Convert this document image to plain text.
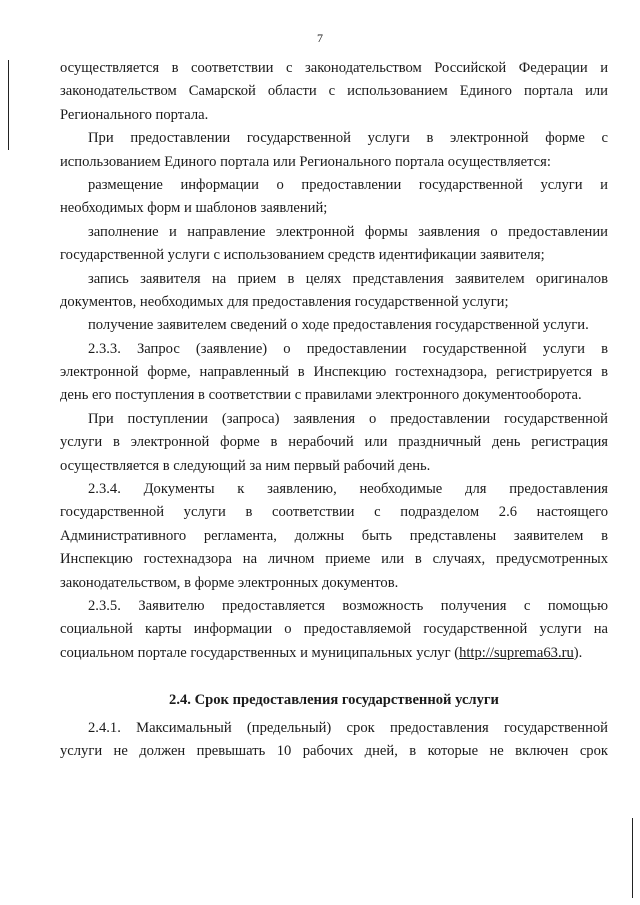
7
осуществляется в соответствии с законодательством Российской Федерации и
законодательством Самарской области с использованием Единого портала или
Регионального портала.
При предоставлении государственной услуги в электронной форме с
использованием Единого портала или Регионального портала осуществляется:
размещение информации о предоставлении государственной услуги и
необходимых форм и шаблонов заявлений;
заполнение и направление электронной формы заявления о предоставлении
государственной услуги с использованием средств идентификации заявителя;
запись заявителя на прием в целях представления заявителем оригиналов
документов, необходимых для предоставления государственной услуги;
получение заявителем сведений о ходе предоставления государственной услуги.
2.3.3. Запрос (заявление) о предоставлении государственной услуги в
электронной форме, направленный в Инспекцию гостехнадзора, регистрируется в
день его поступления в соответствии с правилами электронного документооборота.
При поступлении (запроса) заявления о предоставлении государственной
услуги в электронной форме в нерабочий или праздничный день регистрация
осуществляется в следующий за ним первый рабочий день.
2.3.4. Документы к заявлению, необходимые для предоставления
государственной услуги в соответствии с подразделом 2.6 настоящего
Административного регламента, должны быть представлены заявителем в
Инспекцию гостехнадзора на личном приеме или в случаях, предусмотренных
законодательством, в форме электронных документов.
2.3.5. Заявителю предоставляется возможность получения с помощью
социальной карты информации о предоставляемой государственной услуги на
социальном портале государственных и муниципальных услуг (http://suprema63.ru).
2.4. Срок предоставления государственной услуги
2.4.1. Максимальный (предельный) срок предоставления государственной
услуги не должен превышать 10 рабочих дней, в которые не включен срок
